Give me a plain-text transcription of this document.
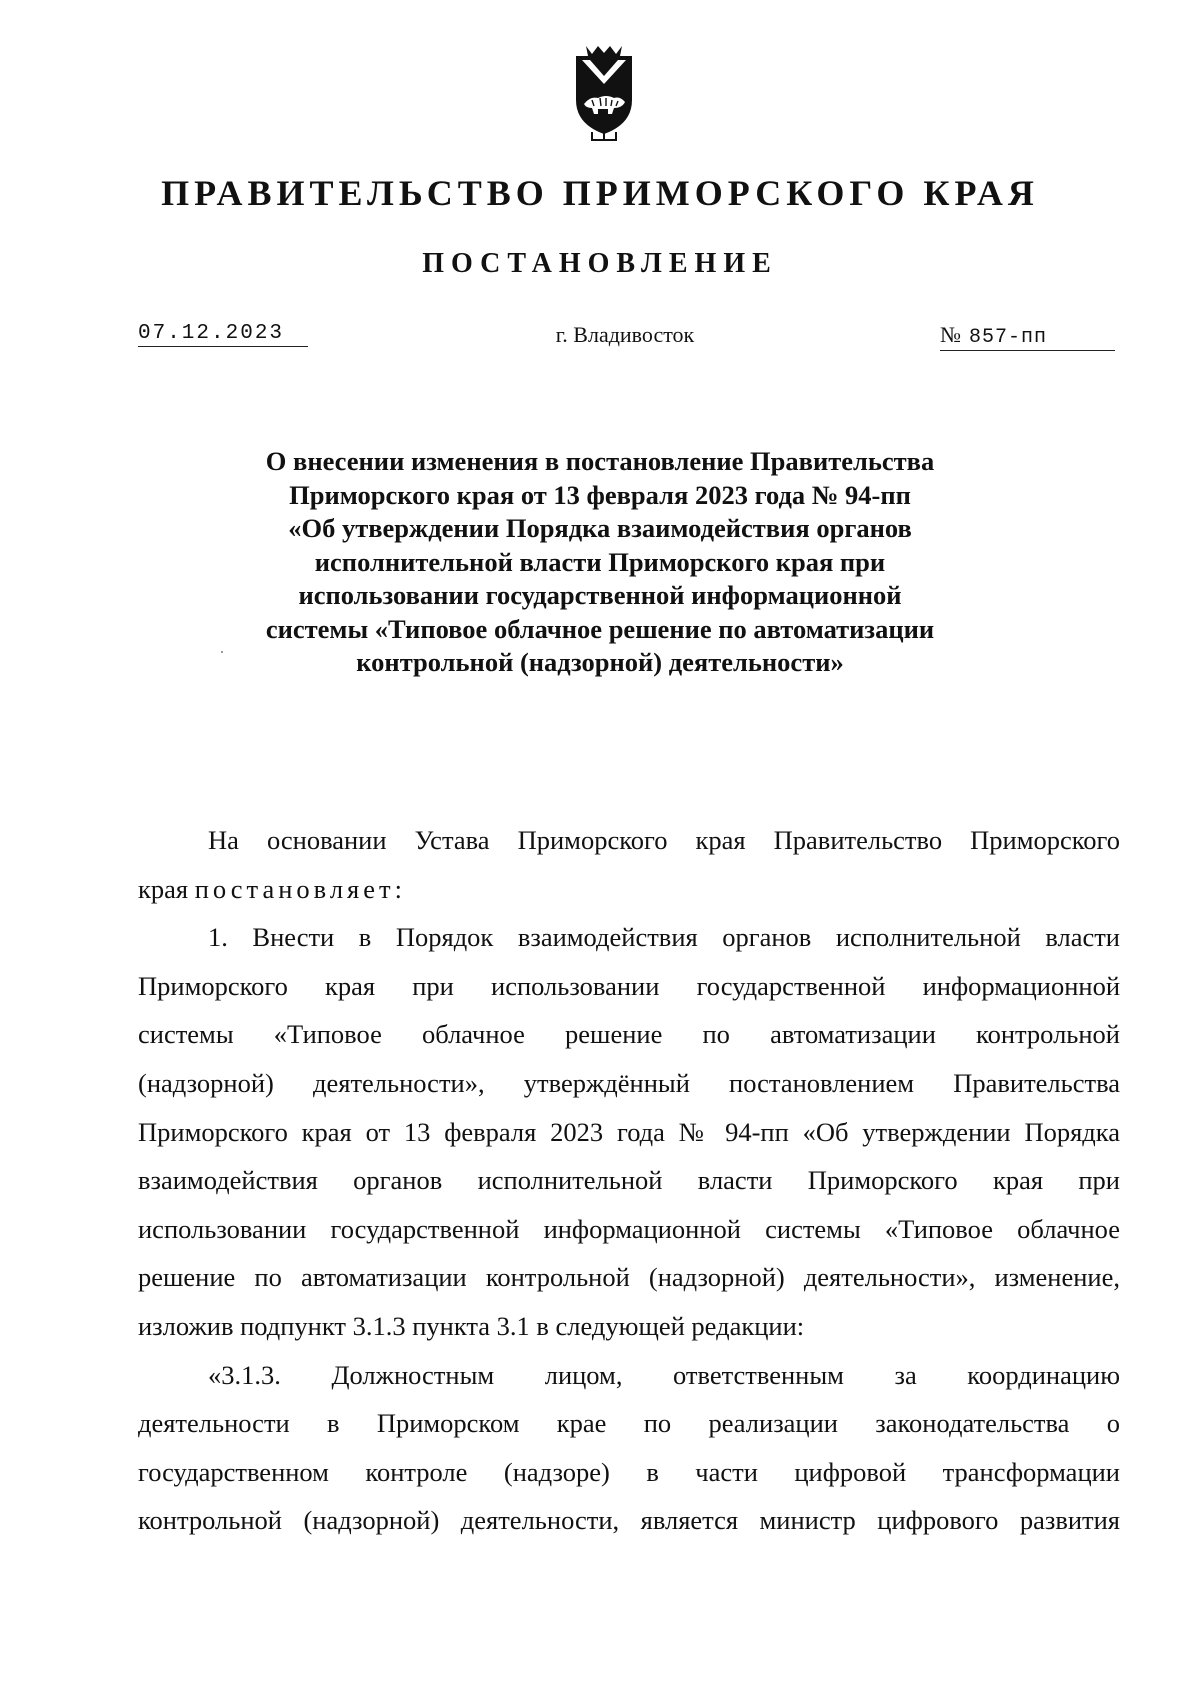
ПРАВИТЕЛЬСТВО ПРИМОРСКОГО КРАЯ
ПОСТАНОВЛЕНИЕ
07.12.2023	г. Владивосток	№ 857-пп
О внесении изменения в постановление Правительства
Приморского края от 13 февраля 2023 года № 94-пп
«Об утверждении Порядка взаимодействия органов
исполнительной власти Приморского края при
использовании государственной информационной
системы «Типовое облачное решение по автоматизации
контрольной (надзорной) деятельности»
На основании Устава Приморского края Правительство Приморского
края постановляет:
1. Внести в Порядок взаимодействия органов исполнительной власти
Приморского края при использовании государственной информационной
системы «Типовое облачное решение по автоматизации контрольной
(надзорной) деятельности», утверждённый постановлением Правительства
Приморского края от 13 февраля 2023 года № 94-пп «Об утверждении Порядка
взаимодействия органов исполнительной власти Приморского края при
использовании государственной информационной системы «Типовое облачное
решение по автоматизации контрольной (надзорной) деятельности», изменение,
изложив подпункт 3.1.3 пункта 3.1 в следующей редакции:
«3.1.3. Должностным лицом, ответственным за координацию
деятельности в Приморском крае по реализации законодательства о
государственном контроле (надзоре) в части цифровой трансформации
контрольной (надзорной) деятельности, является министр цифрового развития
